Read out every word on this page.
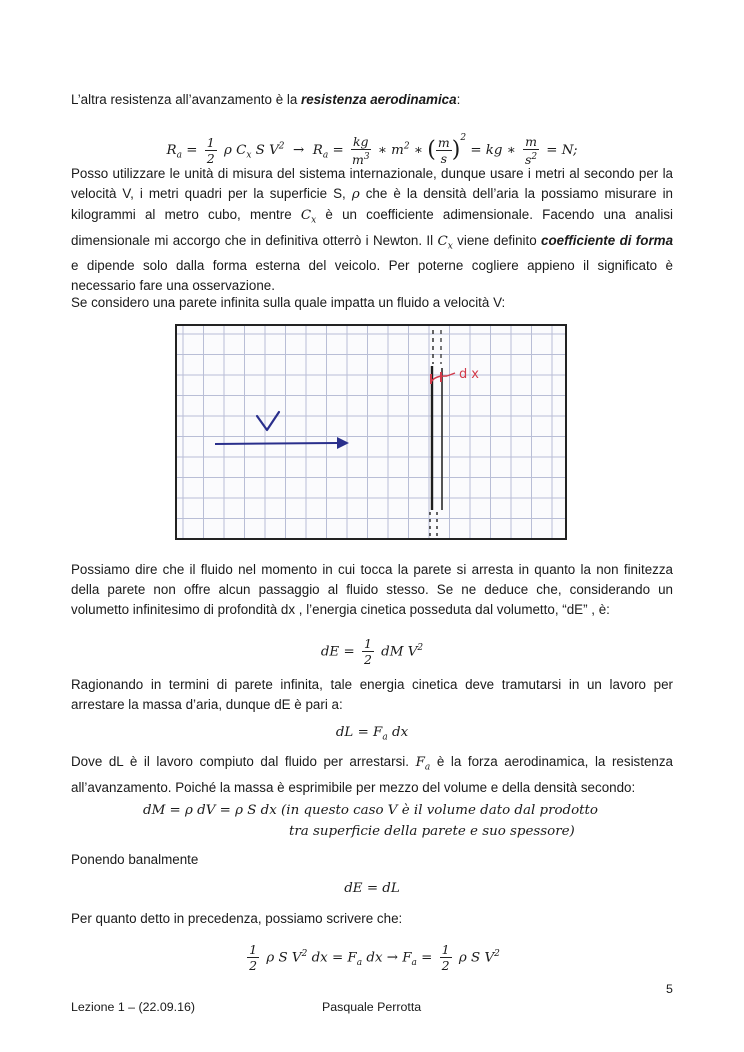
L’altra resistenza all’avanzamento è la resistenza aerodinamica:

$R_a = \frac{1}{2}$ ρ $C_x$ S $V^2 \to R_a = \frac{kg}{m^3}$ ∗ $m^2$ ∗ ( $\frac{m}{s} )^2$ = kg ∗ $\frac{m}{s^2} = N$;

Posso utilizzare le unità di misura del sistema internazionale, dunque usare i metri al secondo per la velocità V, i metri quadri per la superficie S, ρ che è la densità dell’aria la possiamo misurare in kilogrammi al metro cubo, mentre $C_x$ è un coefficiente adimensionale. Facendo una analisi dimensionale mi accorgo che in definitiva otterrò i Newton. Il $C_x$ viene definito coefficiente di forma e dipende solo dalla forma esterna del veicolo. Per poterne cogliere appieno il significato è necessario fare una osservazione.

Se considero una parete infinita sulla quale impatta un fluido a velocità V:

dx

Possiamo dire che il fluido nel momento in cui tocca la parete si arresta in quanto la non finitezza della parete non offre alcun passaggio al fluido stesso. Se ne deduce che, considerando un volumetto infinitesimo di profondità dx , l’energia cinetica posseduta dal volumetto, “dE” , è:

dE = $\frac{1}{2}$ dM $V^2$

Ragionando in termini di parete infinita, tale energia cinetica deve tramutarsi in un lavoro per arrestare la massa d’aria, dunque dE è pari a:

dL = $F_a$ dx

Dove dL è il lavoro compiuto dal fluido per arrestarsi. $F_a$ è la forza aerodinamica, la resistenza all’avanzamento. Poiché la massa è esprimibile per mezzo del volume e della densità secondo:

dM = ρ dV = ρ S dx (in questo caso V è il volume dato dal prodotto
tra superficie della parete e suo spessore)

Ponendo banalmente

dE = dL

Per quanto detto in precedenza, possiamo scrivere che:

$\frac{1}{2}$ ρ S $V^2$ dx = $F_a$ dx → $F_a = \frac{1}{2}$ ρ S $V^2$
5
Lezione 1 – (22.09.16)	Pasquale Perrotta
